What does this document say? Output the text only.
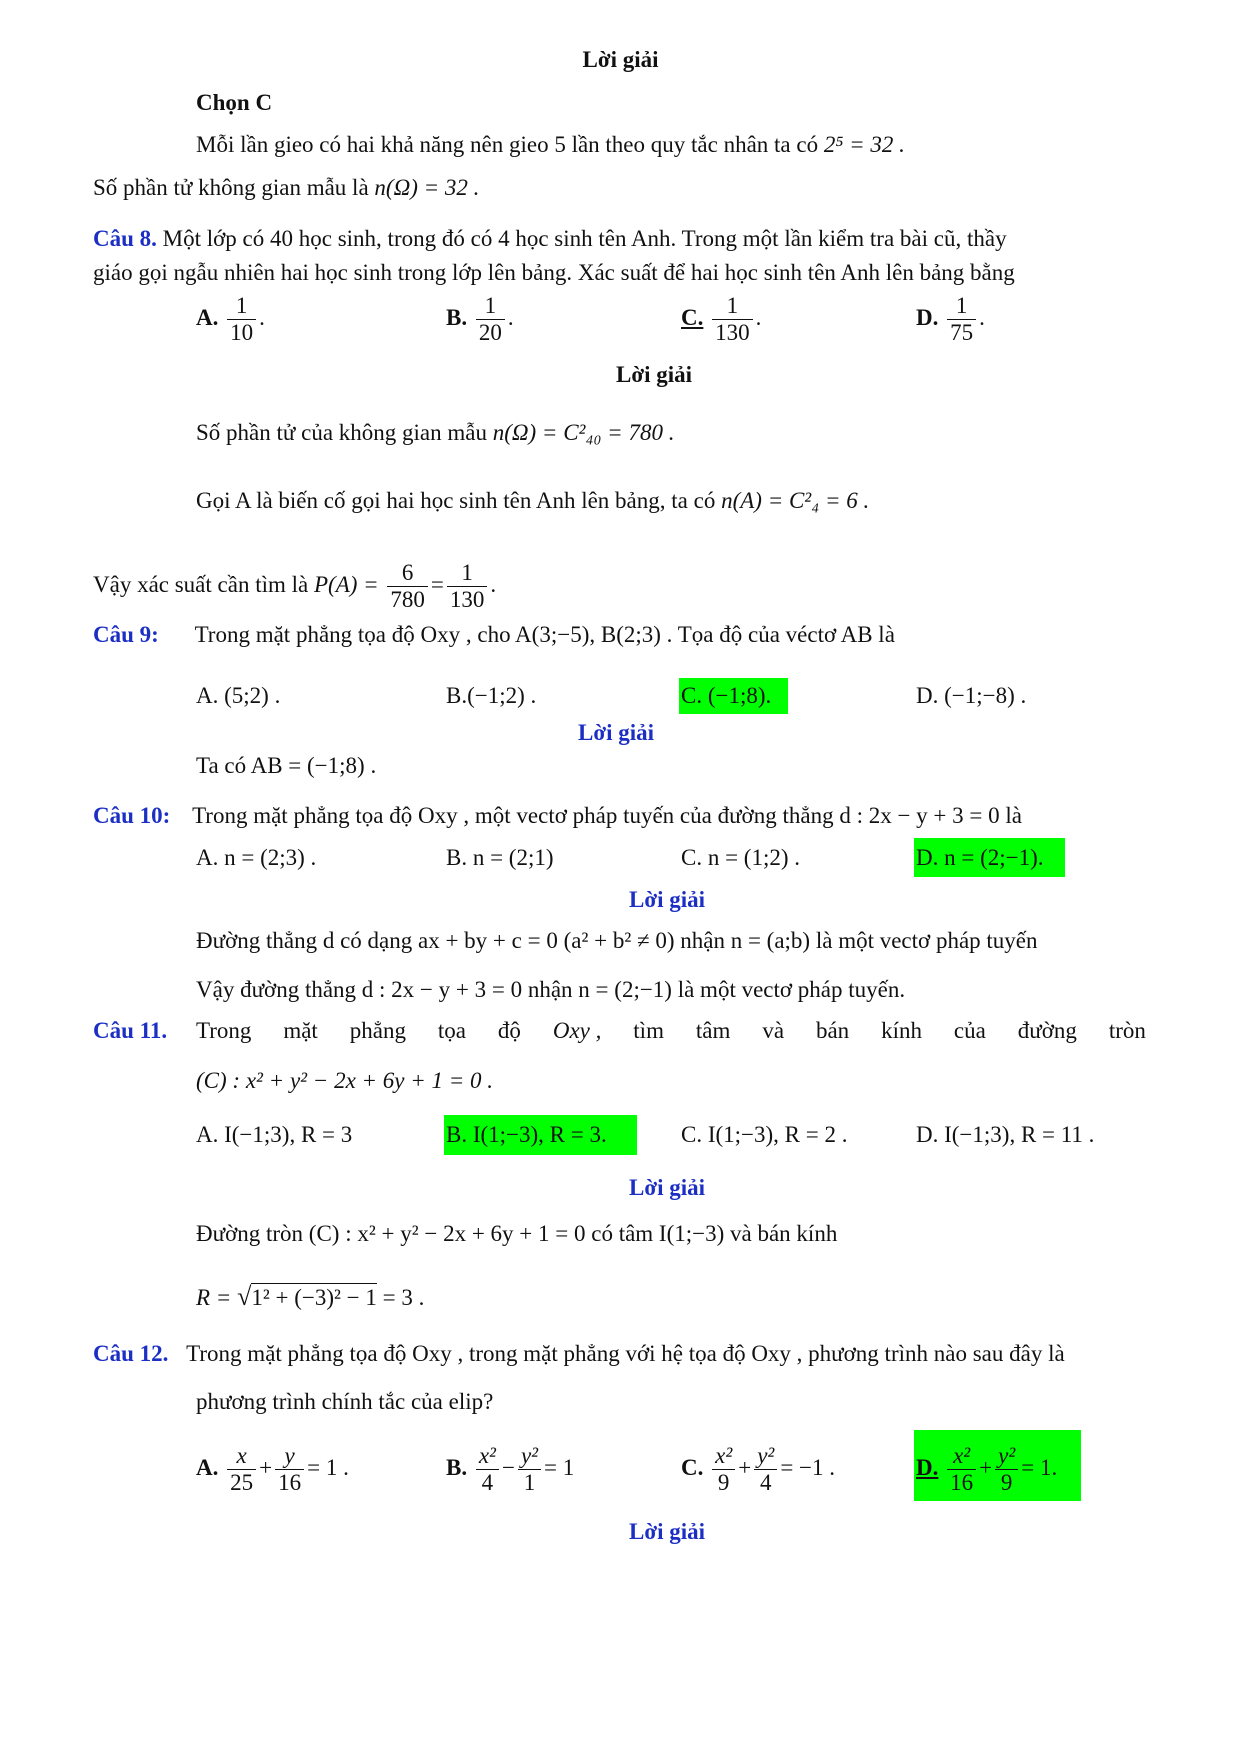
Lời giải
Chọn C
Mỗi lần gieo có hai khả năng nên gieo 5 lần theo quy tắc nhân ta có 2⁵ = 32 .
Số phần tử không gian mẫu là n(Ω) = 32 .
Câu 8. Một lớp có 40 học sinh, trong đó có 4 học sinh tên Anh. Trong một lần kiểm tra bài cũ, thầy
giáo gọi ngẫu nhiên hai học sinh trong lớp lên bảng. Xác suất để hai học sinh tên Anh lên bảng bằng
A. $\frac{1}{10}$ .	B. $\frac{1}{20}$ .	C. $\frac{1}{130}$ .	D. $\frac{1}{75}$ .
Lời giải
Số phần tử của không gian mẫu n(Ω) = C²₄₀ = 780 .
Gọi A là biến cố gọi hai học sinh tên Anh lên bảng, ta có n(A) = C²₄ = 6 .
Vậy xác suất cần tìm là $P(A) = \frac{6}{780} = \frac{1}{130}$ .
Câu 9: Trong mặt phẳng tọa độ Oxy , cho A(3;−5), B(2;3) . Tọa độ của véctơ AB là
A. (5;2) .	B.(−1;2) .	C. (−1;8).	D. (−1;−8) .
Lời giải
Ta có AB = (−1;8) .
Câu 10: Trong mặt phẳng tọa độ Oxy , một vectơ pháp tuyến của đường thẳng d : 2x − y + 3 = 0 là
A. n = (2;3) .	B. n = (2;1)	C. n = (1;2) .	D. n = (2;−1).
Lời giải
Đường thẳng d có dạng ax + by + c = 0 (a² + b² ≠ 0) nhận n = (a;b) là một vectơ pháp tuyến
Vậy đường thẳng d : 2x − y + 3 = 0 nhận n = (2;−1) là một vectơ pháp tuyến.
Câu 11. Trong mặt phẳng tọa độ Oxy , tìm tâm và bán kính của đường tròn
(C) : x² + y² − 2x + 6y + 1 = 0 .
A. I(−1;3), R = 3	B. I(1;−3), R = 3.	C. I(1;−3), R = 2 .	D. I(−1;3), R = 11 .
Lời giải
Đường tròn (C) : x² + y² − 2x + 6y + 1 = 0 có tâm I(1;−3) và bán kính
R = √1² + (−3)² − 1 = 3 .
Câu 12. Trong mặt phẳng tọa độ Oxy , trong mặt phẳng với hệ tọa độ Oxy , phương trình nào sau đây là
phương trình chính tắc của elip?
A. $\frac{x}{25} + \frac{y}{16} = 1$ .	B. $\frac{\text{x²}}{4} - \frac{\text{y²}}{1} = 1$	C. $\frac{\text{x²}}{9} + \frac{\text{y²}}{4} = -1$ .	D. $\frac{\text{x²}}{16} + \frac{\text{y²}}{9} = 1$.
Lời giải
